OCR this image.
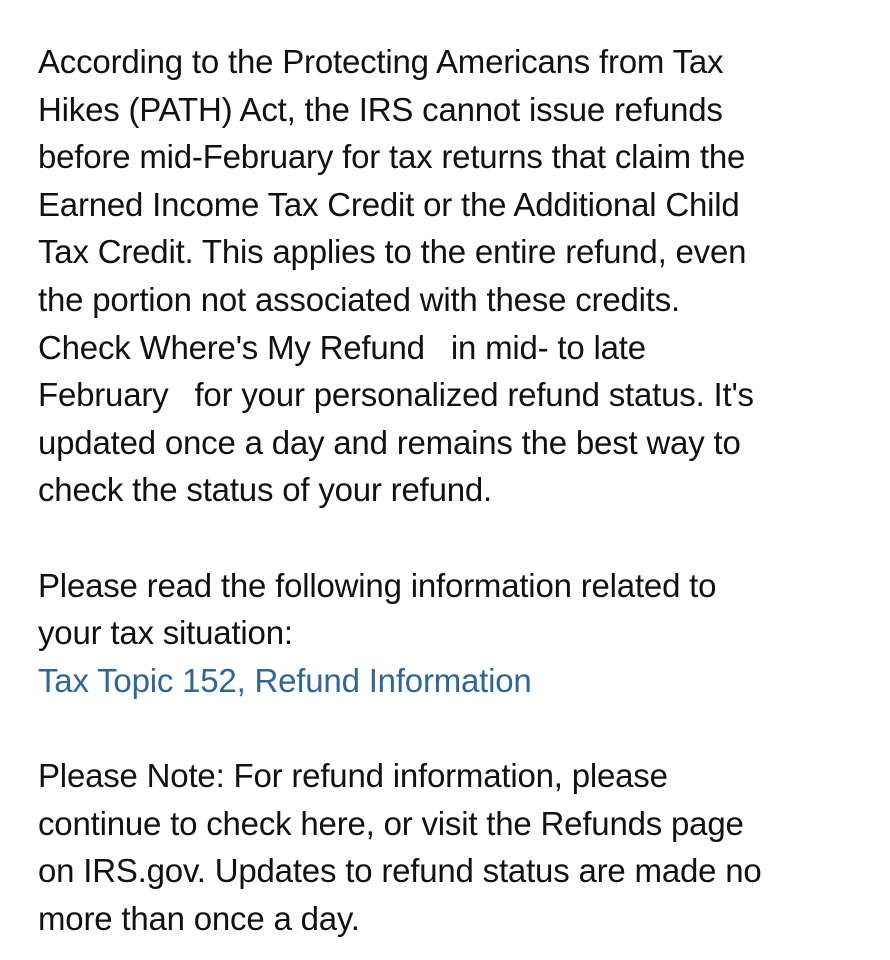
According to the Protecting Americans from Tax
Hikes (PATH) Act, the IRS cannot issue refunds
before mid-February for tax returns that claim the
Earned Income Tax Credit or the Additional Child
Tax Credit. This applies to the entire refund, even
the portion not associated with these credits.
Check Where's My Refund in mid- to late
February for your personalized refund status. It's
updated once a day and remains the best way to
check the status of your refund.

Please read the following information related to
your tax situation:
Tax Topic 152, Refund Information

Please Note: For refund information, please
continue to check here, or visit the Refunds page
on IRS.gov. Updates to refund status are made no
more than once a day.
